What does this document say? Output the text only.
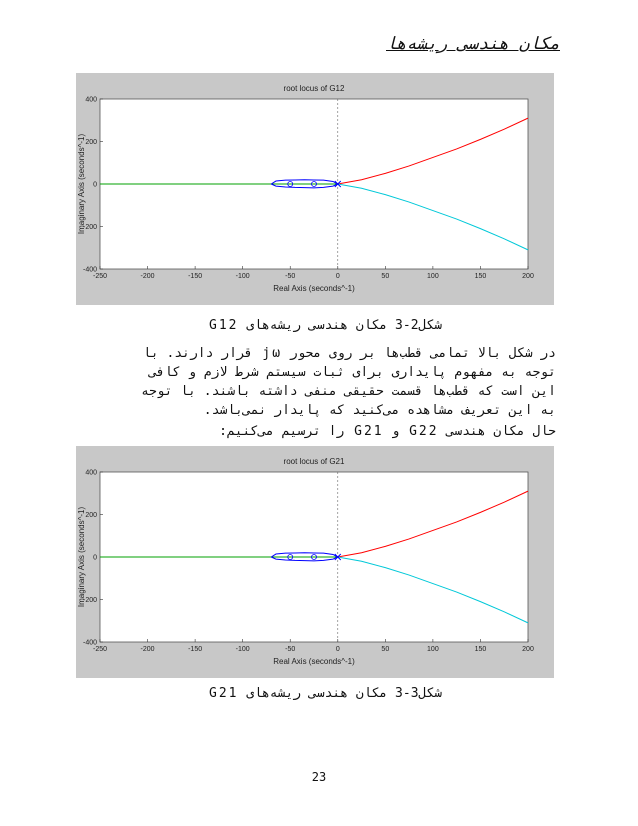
مکان هندسی ریشه‌ها
-250	-200	-150	-100	-50	0	50	100	150	200
-400
-200
0
200
400
root locus of G12
Real Axis (seconds^-1)
Imaginary Axis (seconds^-1)
شکل2-3 مکان هندسی ریشه‌های G12

در شکل بالا تمامی قطب‌ها بر روی محور jω قرار دارند. با

توجه به مفهوم پایداری برای ثبات سیستم شرط لازم و کافی

این است که قطب‌ها قسمت حقیقی منفی داشته باشند. با توجه

به این تعریف مشاهده می‌کنید که پایدار نمی‌باشد.

حال مکان هندسی G22 و G21 را ترسیم می‌کنیم:
-250	-200	-150	-100	-50	0	50	100	150	200
-400
-200
0
200
400
root locus of G21
Real Axis (seconds^-1)
Imaginary Axis (seconds^-1)
شکل3-3 مکان هندسی ریشه‌های G21
23
